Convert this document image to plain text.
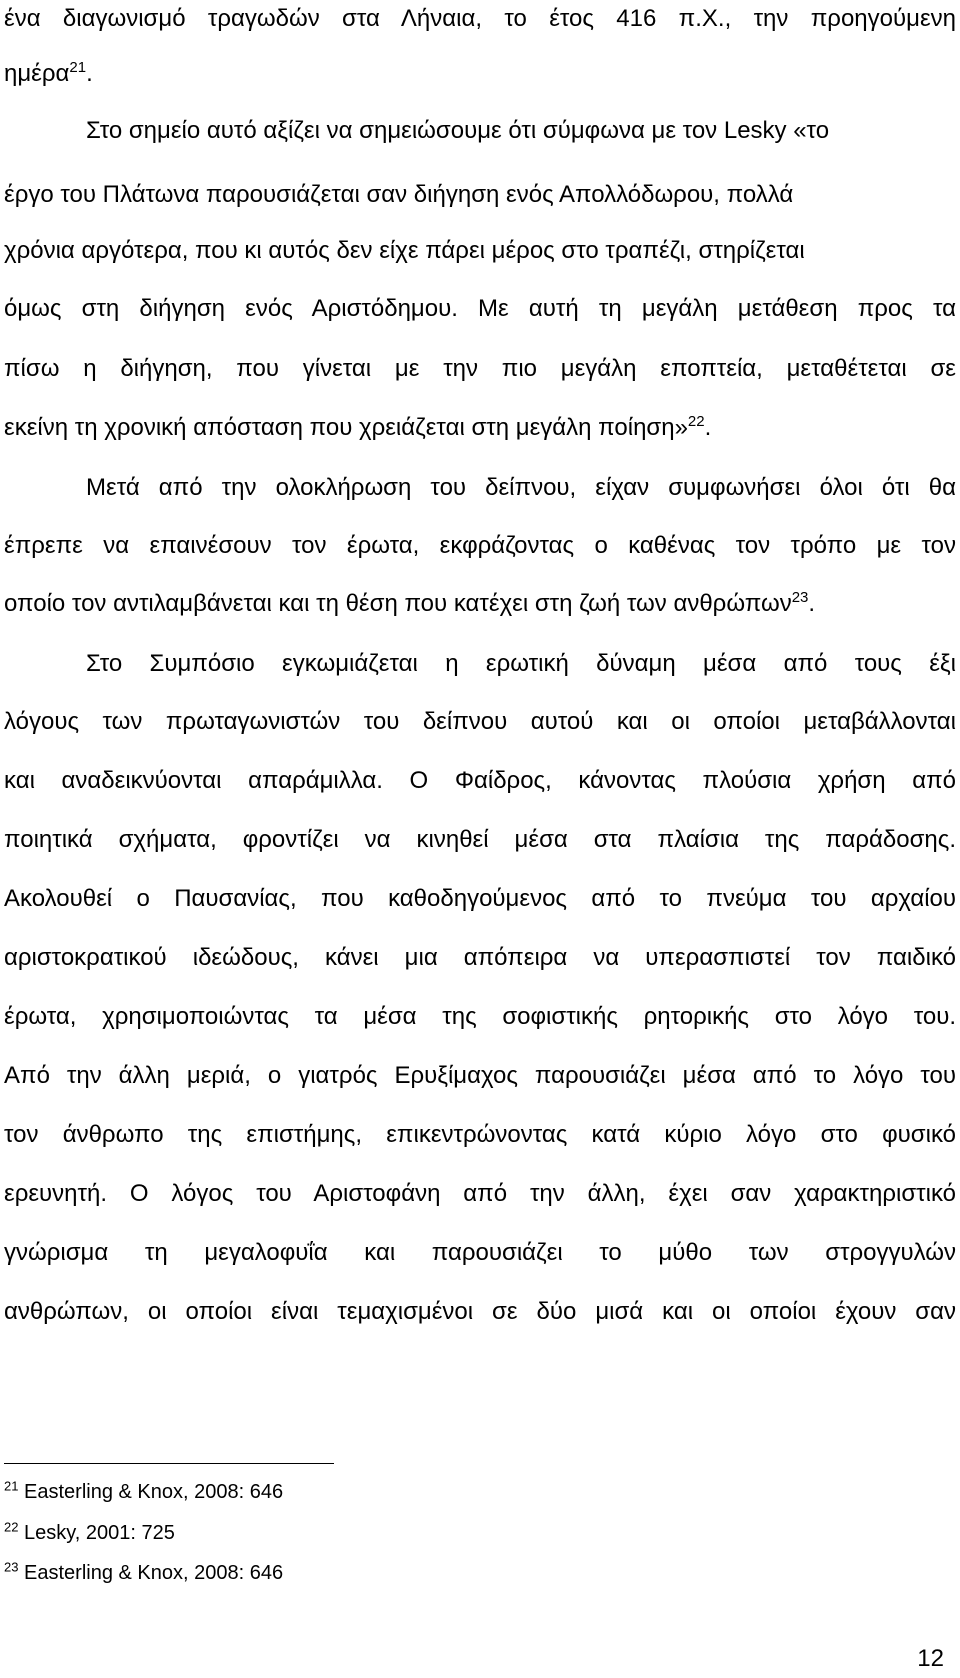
ένα διαγωνισμό τραγωδών στα Λήναια, το έτος 416 π.Χ., την προηγούμενη
ημέρα$^{21}$.
Στο σημείο αυτό αξίζει να σημειώσουμε ότι σύμφωνα με τον Lesky «το
έργο του Πλάτωνα παρουσιάζεται σαν διήγηση ενός Απολλόδωρου, πολλά
χρόνια αργότερα, που κι αυτός δεν είχε πάρει μέρος στο τραπέζι, στηρίζεται
όμως στη διήγηση ενός Αριστόδημου. Με αυτή τη μεγάλη μετάθεση προς τα
πίσω η διήγηση, που γίνεται με την πιο μεγάλη εποπτεία, μεταθέτεται σε
εκείνη τη χρονική απόσταση που χρειάζεται στη μεγάλη ποίηση»$^{22}$.
Μετά από την ολοκλήρωση του δείπνου, είχαν συμφωνήσει όλοι ότι θα
έπρεπε να επαινέσουν τον έρωτα, εκφράζοντας ο καθένας τον τρόπο με τον
οποίο τον αντιλαμβάνεται και τη θέση που κατέχει στη ζωή των ανθρώπων$^{23}$.
Στο Συμπόσιο εγκωμιάζεται η ερωτική δύναμη μέσα από τους έξι
λόγους των πρωταγωνιστών του δείπνου αυτού και οι οποίοι μεταβάλλονται
και αναδεικνύονται απαράμιλλα. Ο Φαίδρος, κάνοντας πλούσια χρήση από
ποιητικά σχήματα, φροντίζει να κινηθεί μέσα στα πλαίσια της παράδοσης.
Ακολουθεί ο Παυσανίας, που καθοδηγούμενος από το πνεύμα του αρχαίου
αριστοκρατικού ιδεώδους, κάνει μια απόπειρα να υπερασπιστεί τον παιδικό
έρωτα, χρησιμοποιώντας τα μέσα της σοφιστικής ρητορικής στο λόγο του.
Από την άλλη μεριά, ο γιατρός Ερυξίμαχος παρουσιάζει μέσα από το λόγο του
τον άνθρωπο της επιστήμης, επικεντρώνοντας κατά κύριο λόγο στο φυσικό
ερευνητή. Ο λόγος του Αριστοφάνη από την άλλη, έχει σαν χαρακτηριστικό
γνώρισμα τη μεγαλοφυΐα και παρουσιάζει το μύθο των στρογγυλών
ανθρώπων, οι οποίοι είναι τεμαχισμένοι σε δύο μισά και οι οποίοι έχουν σαν
$^{21}$ Easterling & Knox, 2008: 646
$^{22}$ Lesky, 2001: 725
$^{23}$ Easterling & Knox, 2008: 646
12
